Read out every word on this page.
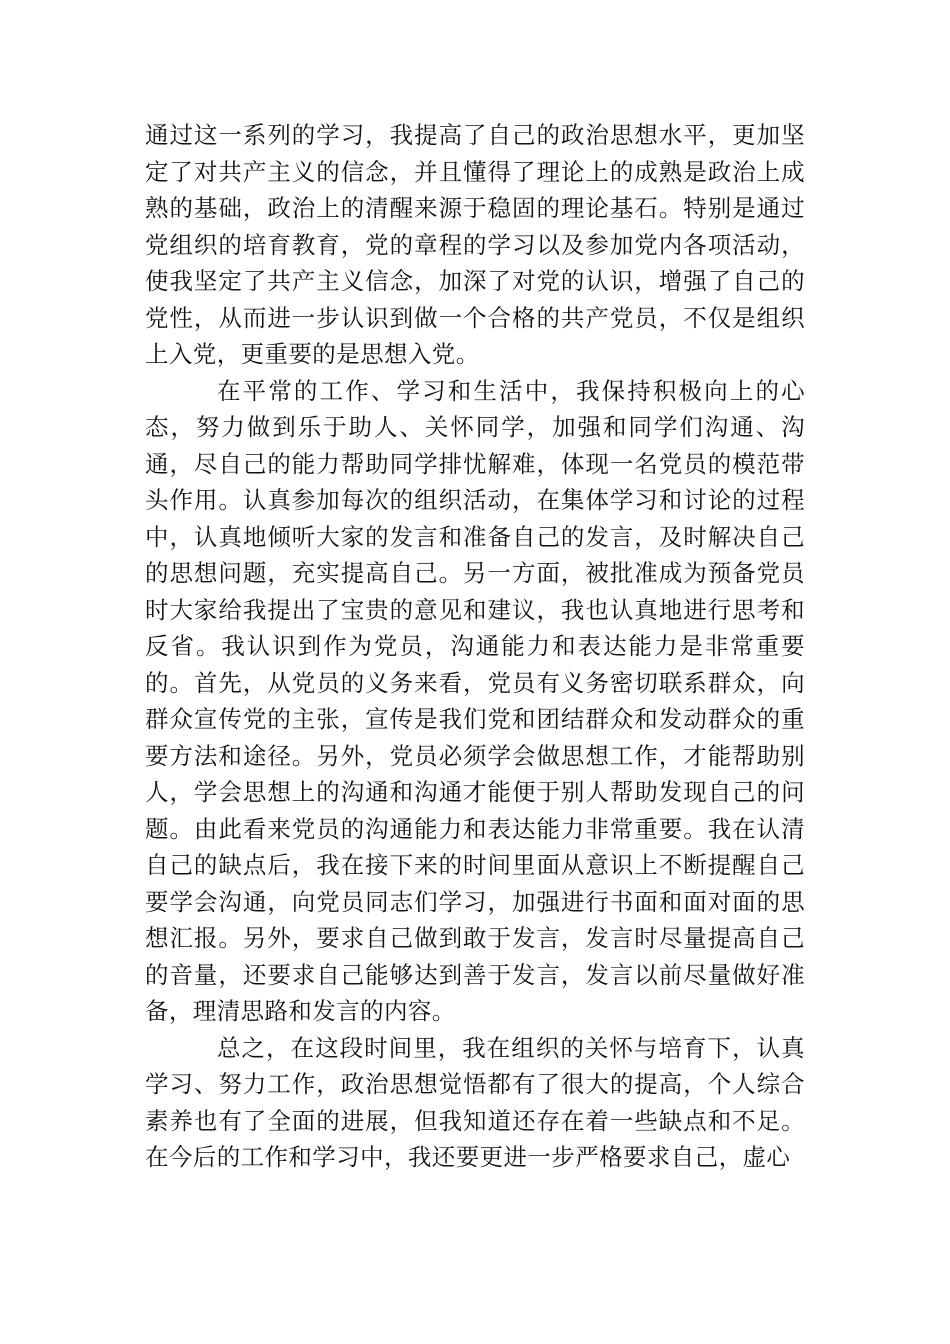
通过这一系列的学习，我提高了自己的政治思想水平，更加坚定了对共产主义的信念，并且懂得了理论上的成熟是政治上成熟的基础，政治上的清醒来源于稳固的理论基石。特别是通过党组织的培育教育，党的章程的学习以及参加党内各项活动，使我坚定了共产主义信念，加深了对党的认识，增强了自己的党性，从而进一步认识到做一个合格的共产党员，不仅是组织上入党，更重要的是思想入党。

在平常的工作、学习和生活中，我保持积极向上的心态，努力做到乐于助人、关怀同学，加强和同学们沟通、沟通，尽自己的能力帮助同学排忧解难，体现一名党员的模范带头作用。认真参加每次的组织活动，在集体学习和讨论的过程中，认真地倾听大家的发言和准备自己的发言，及时解决自己的思想问题，充实提高自己。另一方面，被批准成为预备党员时大家给我提出了宝贵的意见和建议，我也认真地进行思考和反省。我认识到作为党员，沟通能力和表达能力是非常重要的。首先，从党员的义务来看，党员有义务密切联系群众，向群众宣传党的主张，宣传是我们党和团结群众和发动群众的重要方法和途径。另外，党员必须学会做思想工作，才能帮助别人，学会思想上的沟通和沟通才能便于别人帮助发现自己的问题。由此看来党员的沟通能力和表达能力非常重要。我在认清自己的缺点后，我在接下来的时间里面从意识上不断提醒自己要学会沟通，向党员同志们学习，加强进行书面和面对面的思想汇报。另外，要求自己做到敢于发言，发言时尽量提高自己的音量，还要求自己能够达到善于发言，发言以前尽量做好准备，理清思路和发言的内容。

总之，在这段时间里，我在组织的关怀与培育下，认真学习、努力工作，政治思想觉悟都有了很大的提高，个人综合素养也有了全面的进展，但我知道还存在着一些缺点和不足。在今后的工作和学习中，我还要更进一步严格要求自己，虚心
